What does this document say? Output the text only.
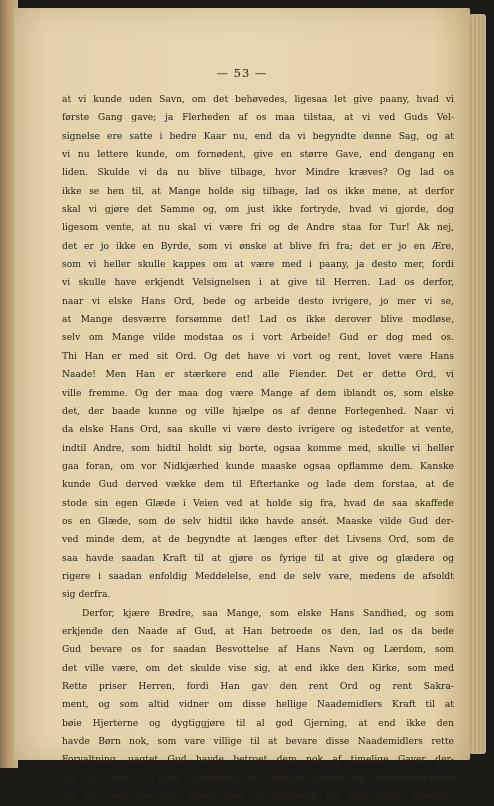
— 53 —
at vi kunde uden Savn, om det behøvedes, ligesaa let give paany, hvad vi
første Gang gave; ja Flerheden af os maa tilstaa, at vi ved Guds Vel-
signelse ere satte i bedre Kaar nu, end da vi begyndte denne Sag, og at
vi nu lettere kunde, om fornødent, give en større Gave, end dengang en
liden. Skulde vi da nu blive tilbage, hvor Mindre kræves? Og lad os
ikke se hen til, at Mange holde sig tilbage, lad os ikke mene, at derfor
skal vi gjøre det Samme og, om just ikke fortryde, hvad vi gjorde, dog
ligesom vente, at nu skal vi være fri og de Andre staa for Tur! Ak nej,
det er jo ikke en Byrde, som vi ønske at blive fri fra; det er jo en Ære,
som vi heller skulle kappes om at være med i paany, ja desto mer, fordi
vi skulle have erkjendt Velsignelsen i at give til Herren. Lad os derfor,
naar vi elske Hans Ord, bede og arbeide desto ivrigere, jo mer vi se,
at Mange desværre forsømme det! Lad os ikke derover blive modløse,
selv om Mange vilde modstaa os i vort Arbeide! Gud er dog med os.
Thi Han er med sit Ord. Og det have vi vort og rent, lovet være Hans
Naade! Men Han er stærkere end alle Fiender. Det er dette Ord, vi
ville fremme. Og der maa dog være Mange af dem iblandt os, som elske
det, der baade kunne og ville hjælpe os af denne Forlegenhed. Naar vi
da elske Hans Ord, saa skulle vi være desto ivrigere og istedetfor at vente,
indtil Andre, som hidtil holdt sig borte, ogsaa komme med, skulle vi heller
gaa foran, om vor Nidkjærhed kunde maaske ogsaa opflamme dem. Kanske
kunde Gud derved vække dem til Eftertanke og lade dem forstaa, at de
stode sin egen Glæde i Veien ved at holde sig fra, hvad de saa skaffede
os en Glæde, som de selv hidtil ikke havde ansét. Maaske vilde Gud der-
ved minde dem, at de begyndte at længes efter det Livsens Ord, som de
saa havde saadan Kraft til at gjøre os fyrige til at give og glædere og
rigere i saadan enfoldig Meddelelse, end de selv vare, medens de afsoldt
sig derfra.
Derfor, kjære Brødre, saa Mange, som elske Hans Sandhed, og som
erkjende den Naade af Gud, at Han betroede os den, lad os da bede
Gud bevare os for saadan Besvottelse af Hans Navn og Lærdom, som
det ville være, om det skulde vise sig, at end ikke den Kirke, som med
Rette priser Herren, fordi Han gav den rent Ord og rent Sakra-
ment, og som altid vidner om disse hellige Naademidlers Kraft til at
bøie Hjerterne og dygtiggjøre til al god Gjerning, at end ikke den
havde Børn nok, som vare villige til at bevare disse Naademidlers rette
Forvaltning, uagtet Gud havde betroet dem nok af timelige Gaver der-
til! Da vilde vi blive tilskamme for mange Sekter og Navnlutheranere
om os, som ofte vise større Iver og Opofrelse for sine falske Lærdom-
